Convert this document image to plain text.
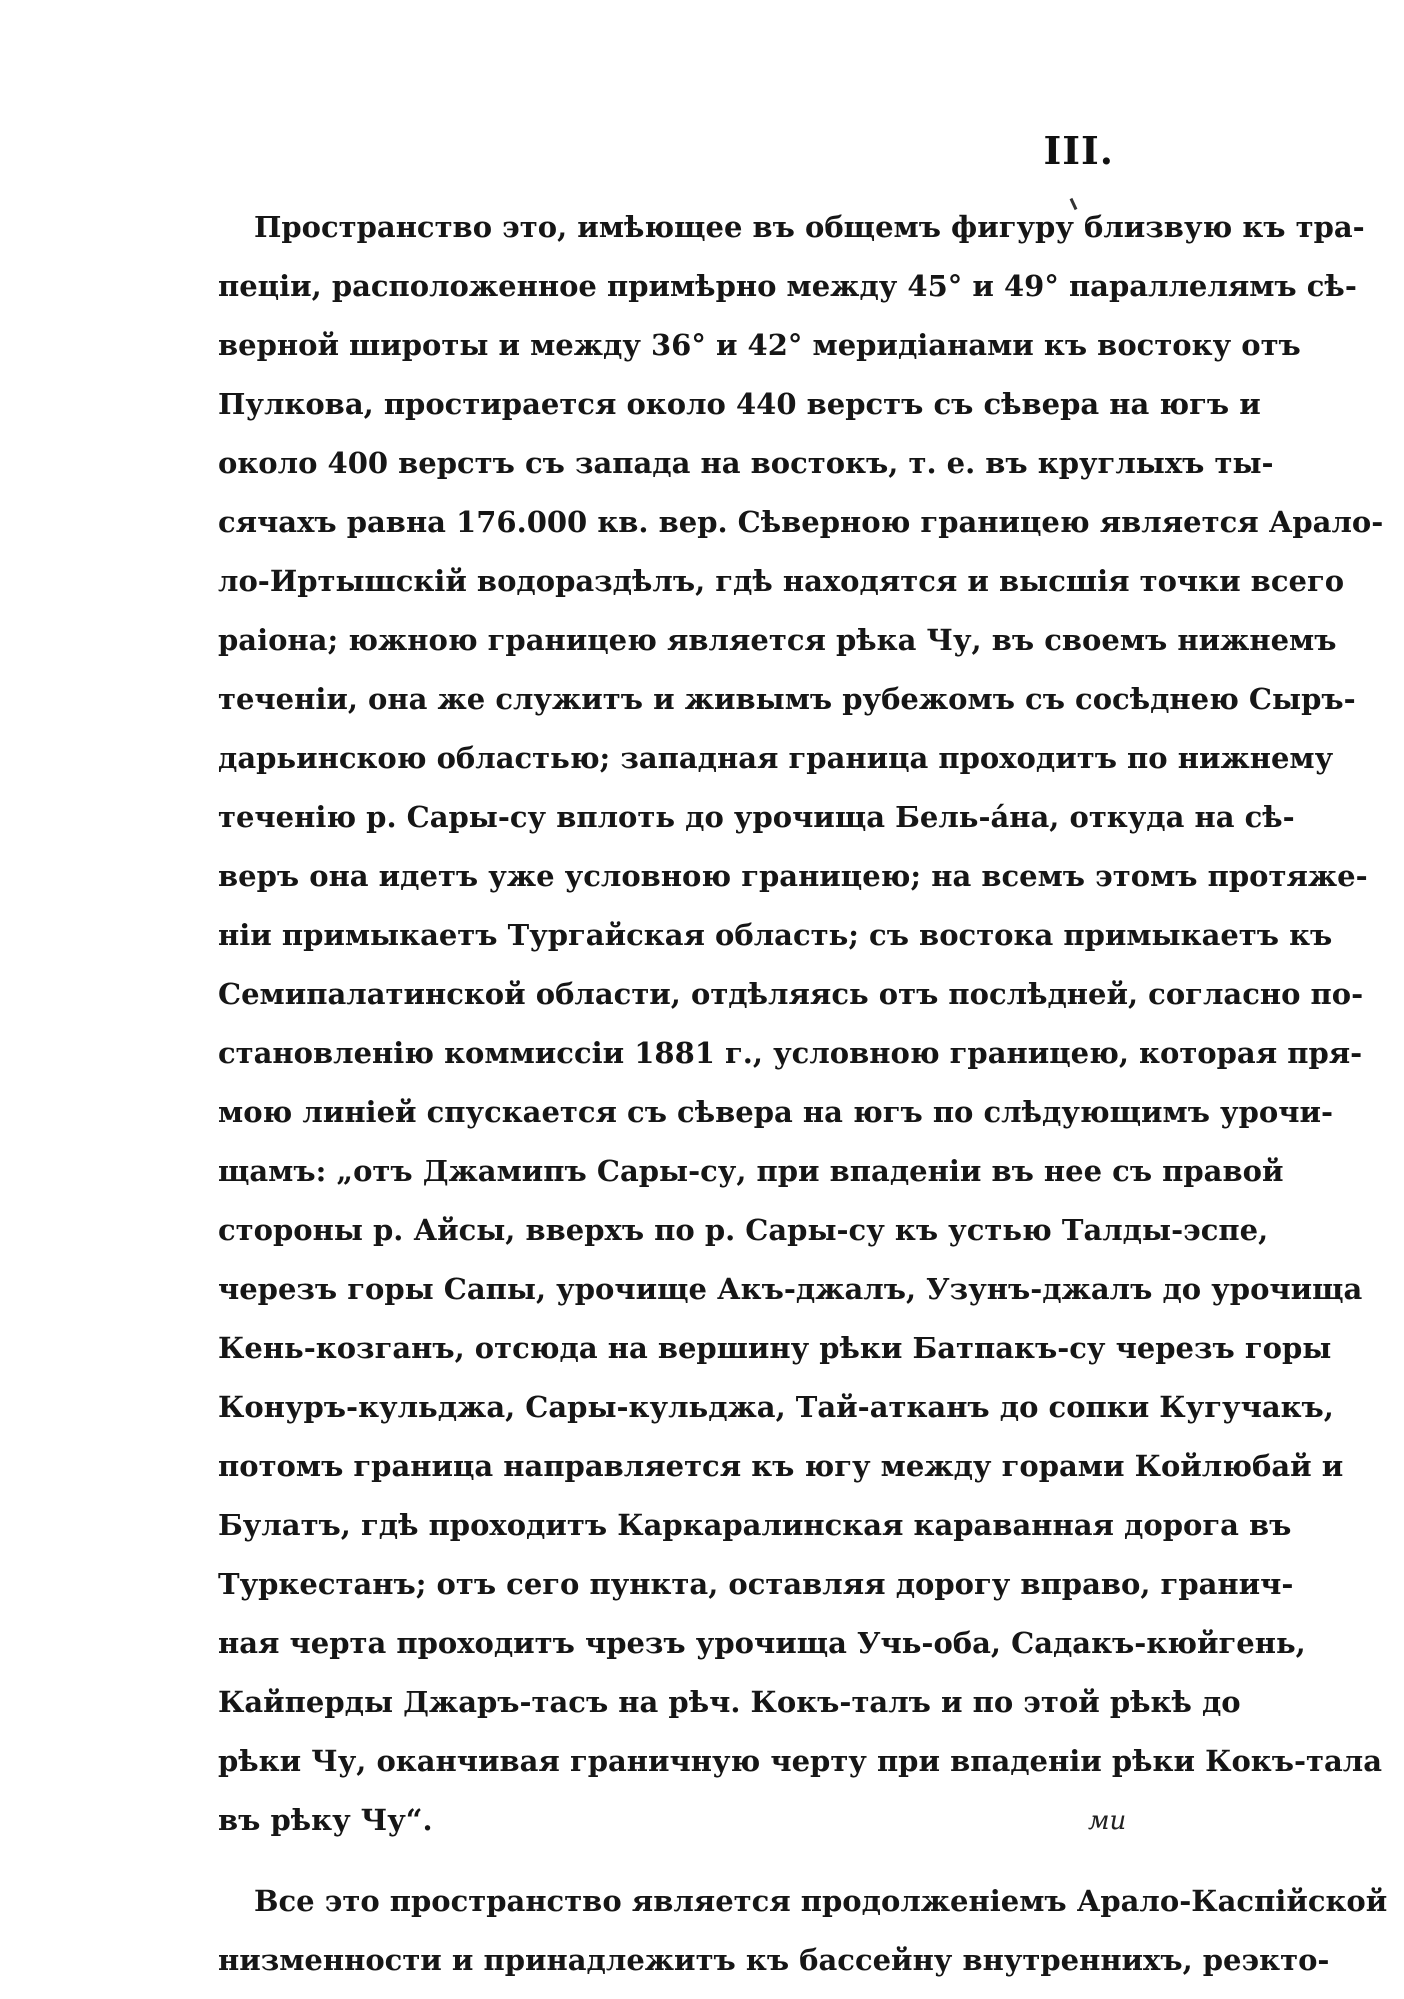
III.
Пространство это, имѣющее въ общемъ фигуру близвую къ тра-
пеціи, расположенное примѣрно между 45° и 49° параллелямъ сѣ-
верной широты и между 36° и 42° меридіанами къ востоку отъ
Пулкова, простирается около 440 верстъ съ сѣвера на югъ и
около 400 верстъ съ запада на востокъ, т. е. въ круглыхъ ты-
сячахъ равна 176.000 кв. вер. Сѣверною границею является Арало-
ло-Иртышскій водораздѣлъ, гдѣ находятся и высшія точки всего
раіона; южною границею является рѣка Чу, въ своемъ нижнемъ
теченіи, она же служитъ и живымъ рубежомъ съ сосѣднею Сыръ-
дарьинскою областью; западная граница проходитъ по нижнему
теченію р. Сары-су вплоть до урочища Бель-а́на, откуда на сѣ-
веръ она идетъ уже условною границею; на всемъ этомъ протяже-
ніи примыкаетъ Тургайская область; съ востока примыкаетъ къ
Семипалатинской области, отдѣляясь отъ послѣдней, согласно по-
становленію коммиссіи 1881 г., условною границею, которая пря-
мою линіей спускается съ сѣвера на югъ по слѣдующимъ урочи-
щамъ: „отъ Джамипъ Сары-су, при впаденіи въ нее съ правой
стороны р. Айсы, вверхъ по р. Сары-су къ устью Талды-эспе,
черезъ горы Сапы, урочище Акъ-джалъ, Узунъ-джалъ до урочища
Кень-козганъ, отсюда на вершину рѣки Батпакъ-су черезъ горы
Конуръ-кульджа, Сары-кульджа, Тай-атканъ до сопки Кугучакъ,
потомъ граница направляется къ югу между горами Койлюбай и
Булатъ, гдѣ проходитъ Каркаралинская караванная дорога въ
Туркестанъ; отъ сего пункта, оставляя дорогу вправо, гранич-
ная черта проходитъ чрезъ урочища Учь-оба, Садакъ-кюйгень,
Кайперды Джаръ-тасъ на рѣч. Кокъ-талъ и по этой рѣкѣ до
рѣки Чу, оканчивая граничную черту при впаденіи рѣки Кокъ-тала
въ рѣку Чу“.
Все это пространство является продолженіемъ Арало-Каспійской
низменности и принадлежитъ къ бассейну внутреннихъ, реэкто-
ми
